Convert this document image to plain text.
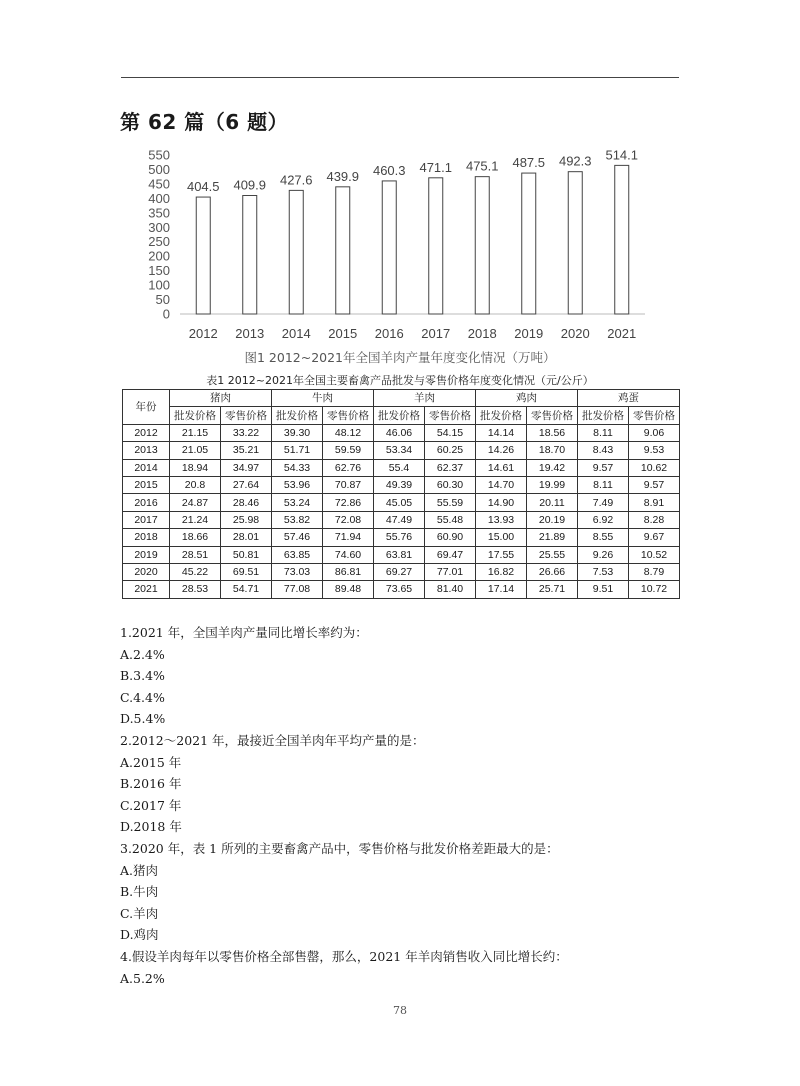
第 62 篇（6 题）
0
50
100
150
200
250
300
350
400
450
500
550
404.5
2012
409.9
2013
427.6
2014
439.9
2015
460.3
2016
471.1
2017
475.1
2018
487.5
2019
492.3
2020
514.1
2021
图1 2012~2021年全国羊肉产量年度变化情况（万吨）
表1 2012~2021年全国主要畜禽产品批发与零售价格年度变化情况（元/公斤）
年份	猪肉		牛肉		羊肉		鸡肉		鸡蛋	
	批发价格	零售价格	批发价格	零售价格	批发价格	零售价格	批发价格	零售价格	批发价格	零售价格
2012	21.15	33.22	39.30	48.12	46.06	54.15	14.14	18.56	8.11	9.06
2013	21.05	35.21	51.71	59.59	53.34	60.25	14.26	18.70	8.43	9.53
2014	18.94	34.97	54.33	62.76	55.4	62.37	14.61	19.42	9.57	10.62
2015	20.8	27.64	53.96	70.87	49.39	60.30	14.70	19.99	8.11	9.57
2016	24.87	28.46	53.24	72.86	45.05	55.59	14.90	20.11	7.49	8.91
2017	21.24	25.98	53.82	72.08	47.49	55.48	13.93	20.19	6.92	8.28
2018	18.66	28.01	57.46	71.94	55.76	60.90	15.00	21.89	8.55	9.67
2019	28.51	50.81	63.85	74.60	63.81	69.47	17.55	25.55	9.26	10.52
2020	45.22	69.51	73.03	86.81	69.27	77.01	16.82	26.66	7.53	8.79
2021	28.53	54.71	77.08	89.48	73.65	81.40	17.14	25.71	9.51	10.72
1.2021 年，全国羊肉产量同比增长率约为：
A.2.4%
B.3.4%
C.4.4%
D.5.4%
2.2012～2021 年，最接近全国羊肉年平均产量的是：
A.2015 年
B.2016 年
C.2017 年
D.2018 年
3.2020 年，表 1 所列的主要畜禽产品中，零售价格与批发价格差距最大的是：
A.猪肉
B.牛肉
C.羊肉
D.鸡肉
4.假设羊肉每年以零售价格全部售罄，那么，2021 年羊肉销售收入同比增长约：
A.5.2%
78
